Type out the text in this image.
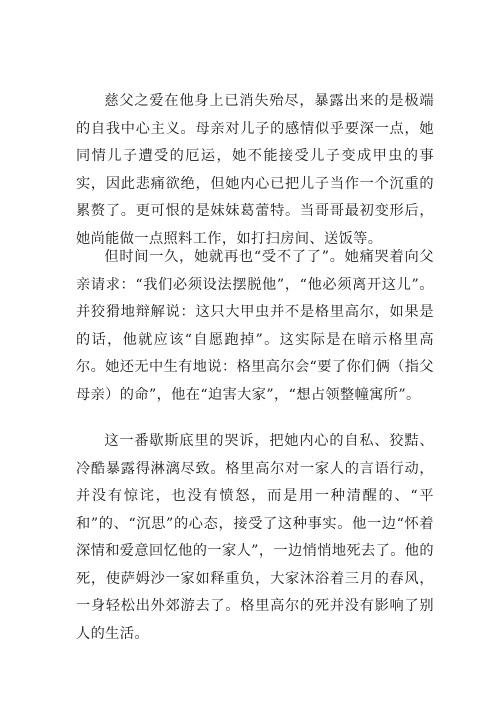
慈父之爱在他身上已消失殆尽，暴露出来的是极端的自我中心主义。母亲对儿子的感情似乎要深一点，她同情儿子遭受的厄运，她不能接受儿子变成甲虫的事实，因此悲痛欲绝，但她内心已把儿子当作一个沉重的累赘了。更可恨的是妹妹葛蕾特。当哥哥最初变形后，她尚能做一点照料工作，如打扫房间、送饭等。

但时间一久，她就再也“受不了了”。她痛哭着向父亲请求：“我们必须设法摆脱他”，“他必须离开这儿”。并狡猾地辩解说：这只大甲虫并不是格里高尔，如果是的话，他就应该“自愿跑掉”。这实际是在暗示格里高尔。她还无中生有地说：格里高尔会“要了你们俩（指父母亲）的命”，他在“迫害大家”，“想占领整幢寓所”。

这一番歇斯底里的哭诉，把她内心的自私、狡黠、冷酷暴露得淋漓尽致。格里高尔对一家人的言语行动，并没有惊诧，也没有愤怒，而是用一种清醒的、“平和”的、“沉思”的心态，接受了这种事实。他一边“怀着深情和爱意回忆他的一家人”，一边悄悄地死去了。他的死，使萨姆沙一家如释重负，大家沐浴着三月的春风，一身轻松出外郊游去了。格里高尔的死并没有影响了别人的生活。
